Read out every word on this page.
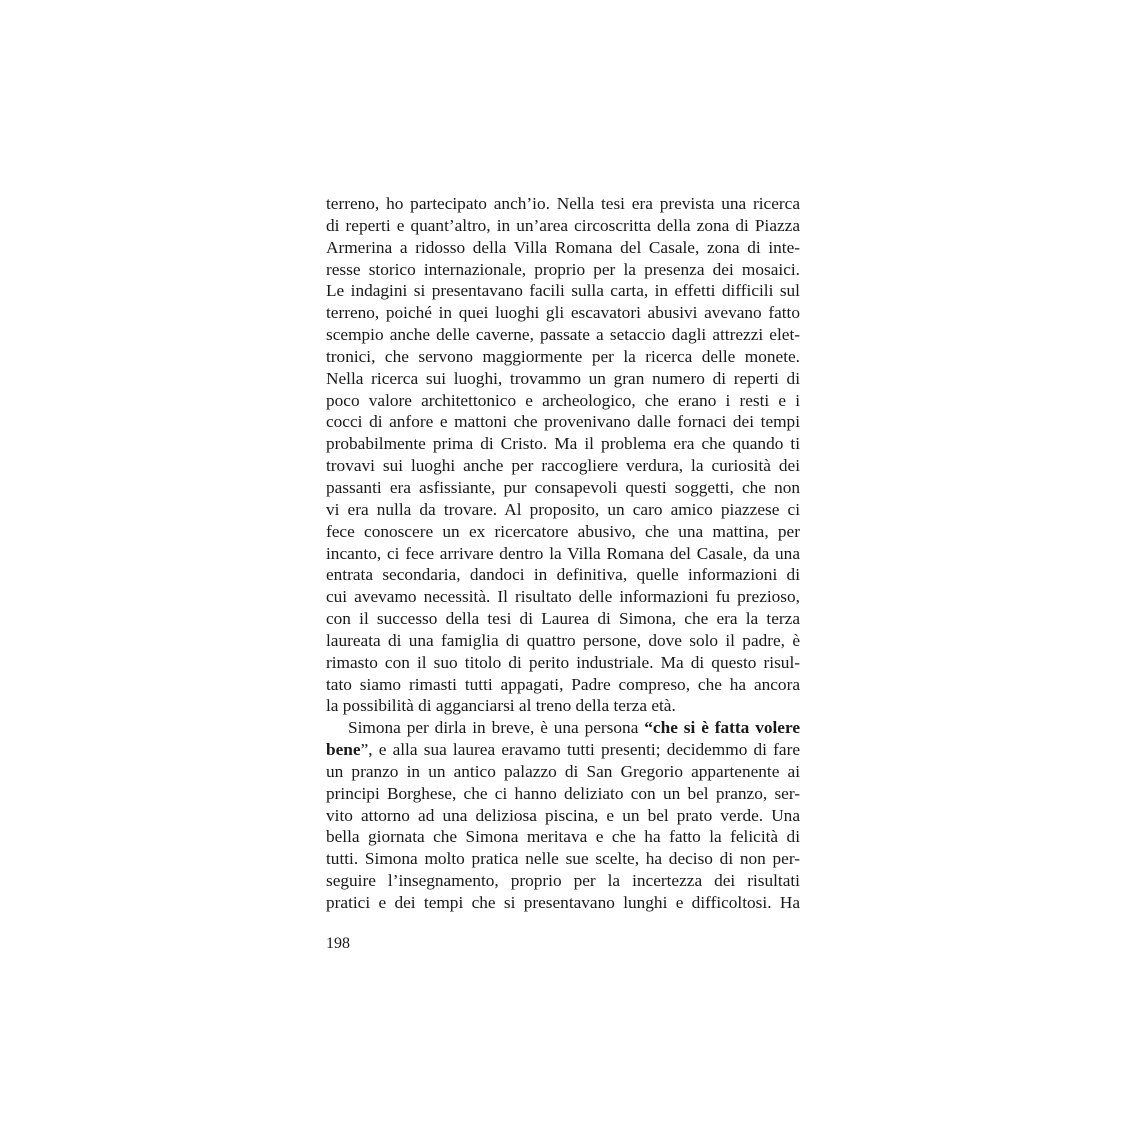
terreno, ho partecipato anch’io. Nella tesi era prevista una ricerca
di reperti e quant’altro, in un’area circoscritta della zona di Piazza
Armerina a ridosso della Villa Romana del Casale, zona di inte-
resse storico internazionale, proprio per la presenza dei mosaici.
Le indagini si presentavano facili sulla carta, in effetti difficili sul
terreno, poiché in quei luoghi gli escavatori abusivi avevano fatto
scempio anche delle caverne, passate a setaccio dagli attrezzi elet-
tronici, che servono maggiormente per la ricerca delle monete.
Nella ricerca sui luoghi, trovammo un gran numero di reperti di
poco valore architettonico e archeologico, che erano i resti e i
cocci di anfore e mattoni che provenivano dalle fornaci dei tempi
probabilmente prima di Cristo. Ma il problema era che quando ti
trovavi sui luoghi anche per raccogliere verdura, la curiosità dei
passanti era asfissiante, pur consapevoli questi soggetti, che non
vi era nulla da trovare. Al proposito, un caro amico piazzese ci
fece conoscere un ex ricercatore abusivo, che una mattina, per
incanto, ci fece arrivare dentro la Villa Romana del Casale, da una
entrata secondaria, dandoci in definitiva, quelle informazioni di
cui avevamo necessità. Il risultato delle informazioni fu prezioso,
con il successo della tesi di Laurea di Simona, che era la terza
laureata di una famiglia di quattro persone, dove solo il padre, è
rimasto con il suo titolo di perito industriale. Ma di questo risul-
tato siamo rimasti tutti appagati, Padre compreso, che ha ancora
la possibilità di agganciarsi al treno della terza età.
Simona per dirla in breve, è una persona “che si è fatta volere
bene”, e alla sua laurea eravamo tutti presenti; decidemmo di fare
un pranzo in un antico palazzo di San Gregorio appartenente ai
principi Borghese, che ci hanno deliziato con un bel pranzo, ser-
vito attorno ad una deliziosa piscina, e un bel prato verde. Una
bella giornata che Simona meritava e che ha fatto la felicità di
tutti. Simona molto pratica nelle sue scelte, ha deciso di non per-
seguire l’insegnamento, proprio per la incertezza dei risultati
pratici e dei tempi che si presentavano lunghi e difficoltosi. Ha
198
